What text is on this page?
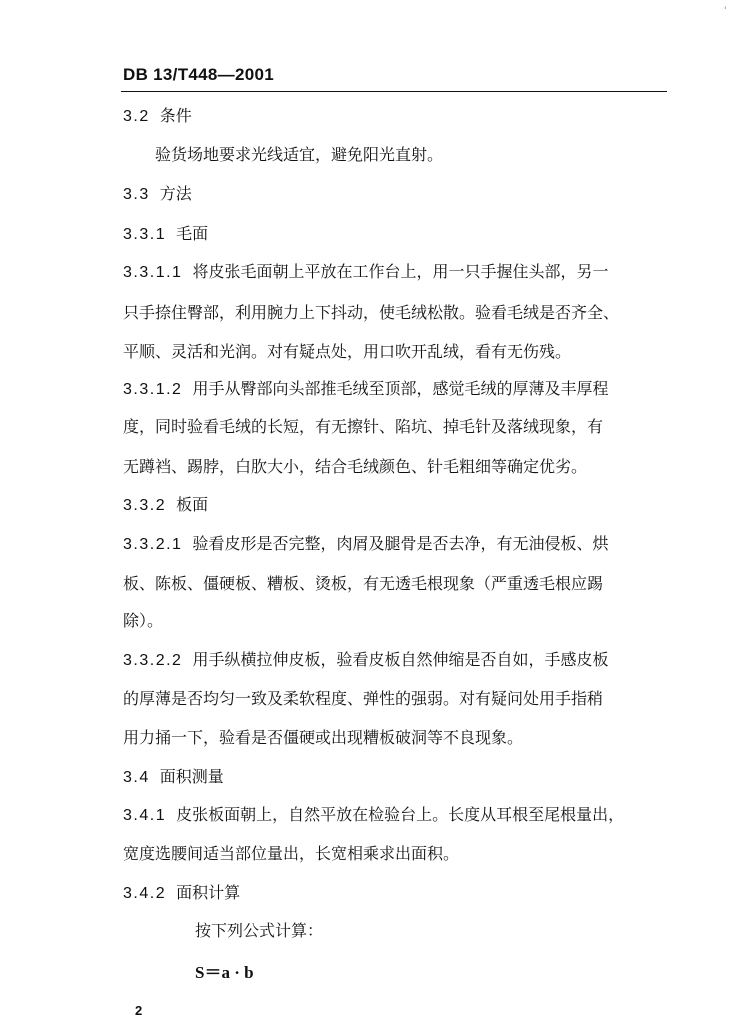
'
DB 13/T448—2001
3.2 条件
验货场地要求光线适宜，避免阳光直射。
3.3 方法
3.3.1 毛面
3.3.1.1 将皮张毛面朝上平放在工作台上，用一只手握住头部，另一
只手捺住臀部，利用腕力上下抖动，使毛绒松散。验看毛绒是否齐全、
平顺、灵活和光润。对有疑点处，用口吹开乱绒，看有无伤残。
3.3.1.2 用手从臀部向头部推毛绒至顶部，感觉毛绒的厚薄及丰厚程
度，同时验看毛绒的长短，有无擦针、陷坑、掉毛针及落绒现象，有
无蹲裆、踢脖，白肷大小，结合毛绒颜色、针毛粗细等确定优劣。
3.3.2 板面
3.3.2.1 验看皮形是否完整，肉屑及腿骨是否去净，有无油侵板、烘
板、陈板、僵硬板、糟板、烫板，有无透毛根现象（严重透毛根应踢
除）。
3.3.2.2 用手纵横拉伸皮板，验看皮板自然伸缩是否自如，手感皮板
的厚薄是否均匀一致及柔软程度、弹性的强弱。对有疑问处用手指稍
用力捅一下，验看是否僵硬或出现糟板破洞等不良现象。
3.4 面积测量
3.4.1 皮张板面朝上，自然平放在检验台上。长度从耳根至尾根量出，
宽度选腰间适当部位量出，长宽相乘求出面积。
3.4.2 面积计算
按下列公式计算：
S＝a · b
2
